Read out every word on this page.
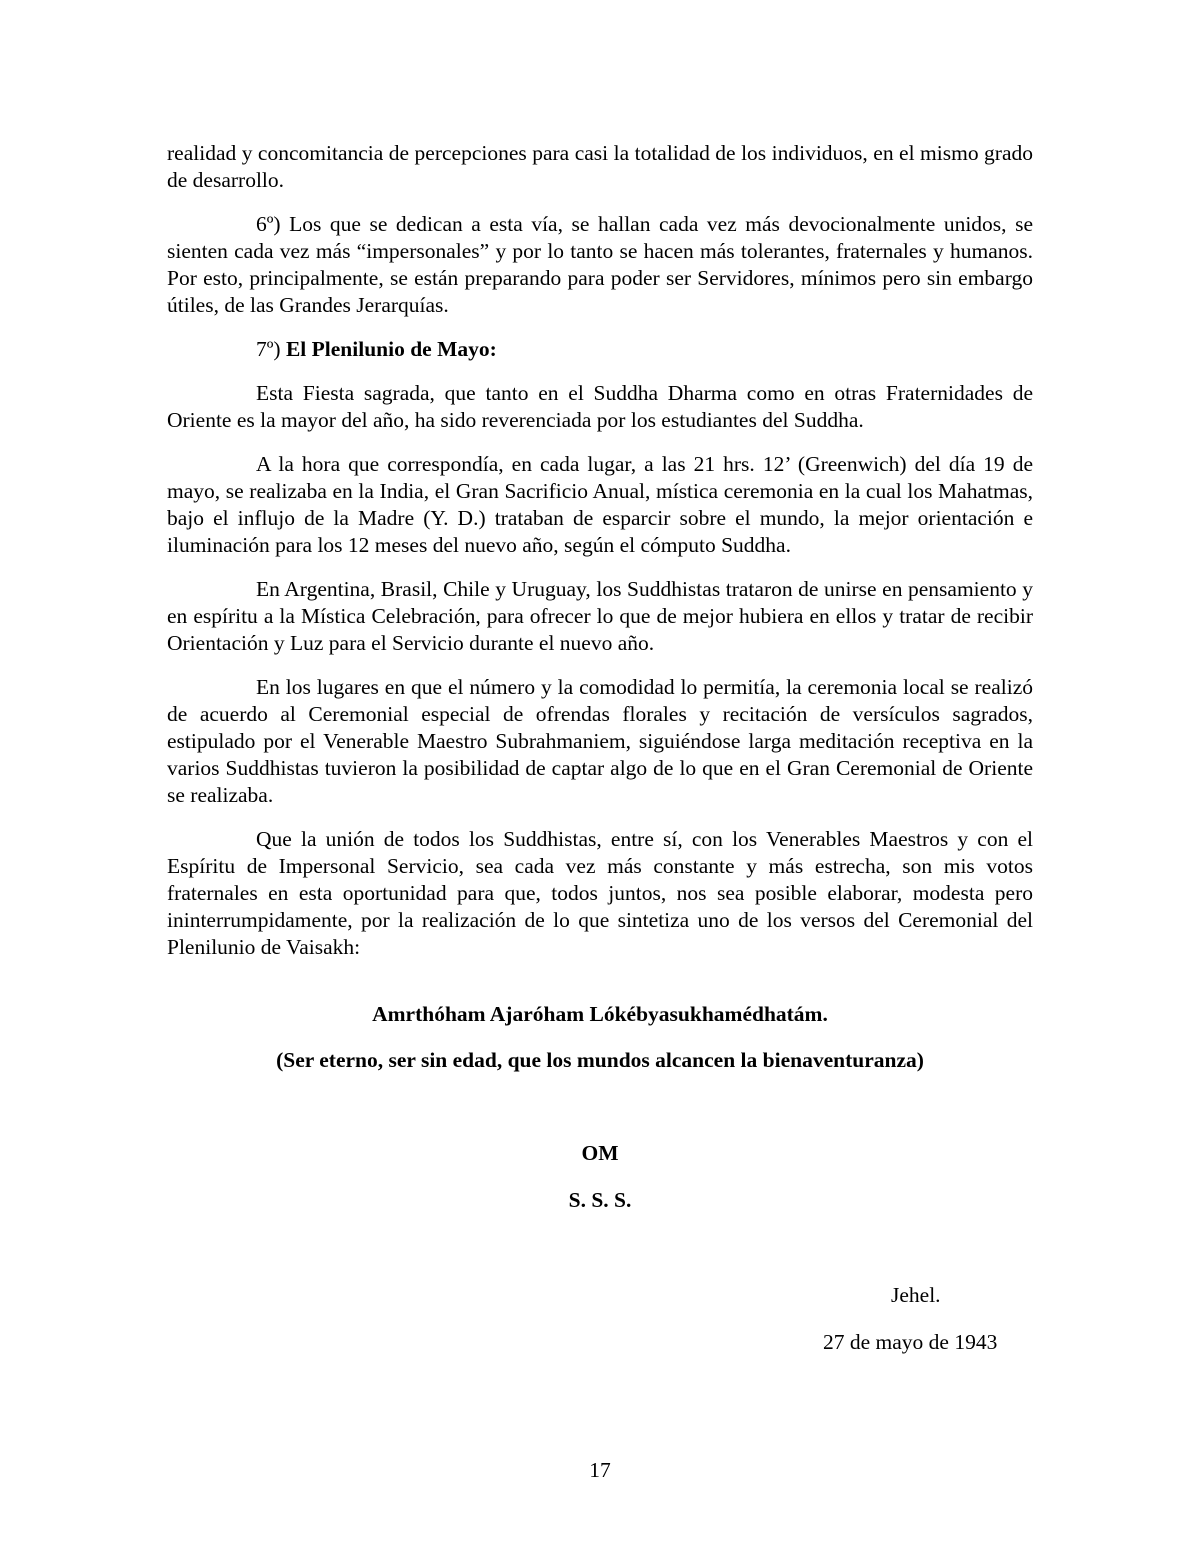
realidad y concomitancia de percepciones para casi la totalidad de los individuos, en el mismo grado de desarrollo.

6º) Los que se dedican a esta vía, se hallan cada vez más devocionalmente unidos, se sienten cada vez más “impersonales” y por lo tanto se hacen más tolerantes, fraternales y humanos. Por esto, principalmente, se están preparando para poder ser Servidores, mínimos pero sin embargo útiles, de las Grandes Jerarquías.

7º) El Plenilunio de Mayo:

Esta Fiesta sagrada, que tanto en el Suddha Dharma como en otras Fraternidades de Oriente es la mayor del año, ha sido reverenciada por los estudiantes del Suddha.

A la hora que correspondía, en cada lugar, a las 21 hrs. 12’ (Greenwich) del día 19 de mayo, se realizaba en la India, el Gran Sacrificio Anual, mística ceremonia en la cual los Mahatmas, bajo el influjo de la Madre (Y. D.) trataban de esparcir sobre el mundo, la mejor orientación e iluminación para los 12 meses del nuevo año, según el cómputo Suddha.

En Argentina, Brasil, Chile y Uruguay, los Suddhistas trataron de unirse en pensamiento y en espíritu a la Mística Celebración, para ofrecer lo que de mejor hubiera en ellos y tratar de recibir Orientación y Luz para el Servicio durante el nuevo año.

En los lugares en que el número y la comodidad lo permitía, la ceremonia local se realizó de acuerdo al Ceremonial especial de ofrendas florales y recitación de versículos sagrados, estipulado por el Venerable Maestro Subrahmaniem, siguiéndose larga meditación receptiva en la varios Suddhistas tuvieron la posibilidad de captar algo de lo que en el Gran Ceremonial de Oriente se realizaba.

Que la unión de todos los Suddhistas, entre sí, con los Venerables Maestros y con el Espíritu de Impersonal Servicio, sea cada vez más constante y más estrecha, son mis votos fraternales en esta oportunidad para que, todos juntos, nos sea posible elaborar, modesta pero ininterrumpidamente, por la realización de lo que sintetiza uno de los versos del Ceremonial del Plenilunio de Vaisakh:

Amrthóham Ajaróham Lókébyasukhamédhatám.

(Ser eterno, ser sin edad, que los mundos alcancen la bienaventuranza)

OM

S. S. S.

Jehel.

27 de mayo de 1943

17
